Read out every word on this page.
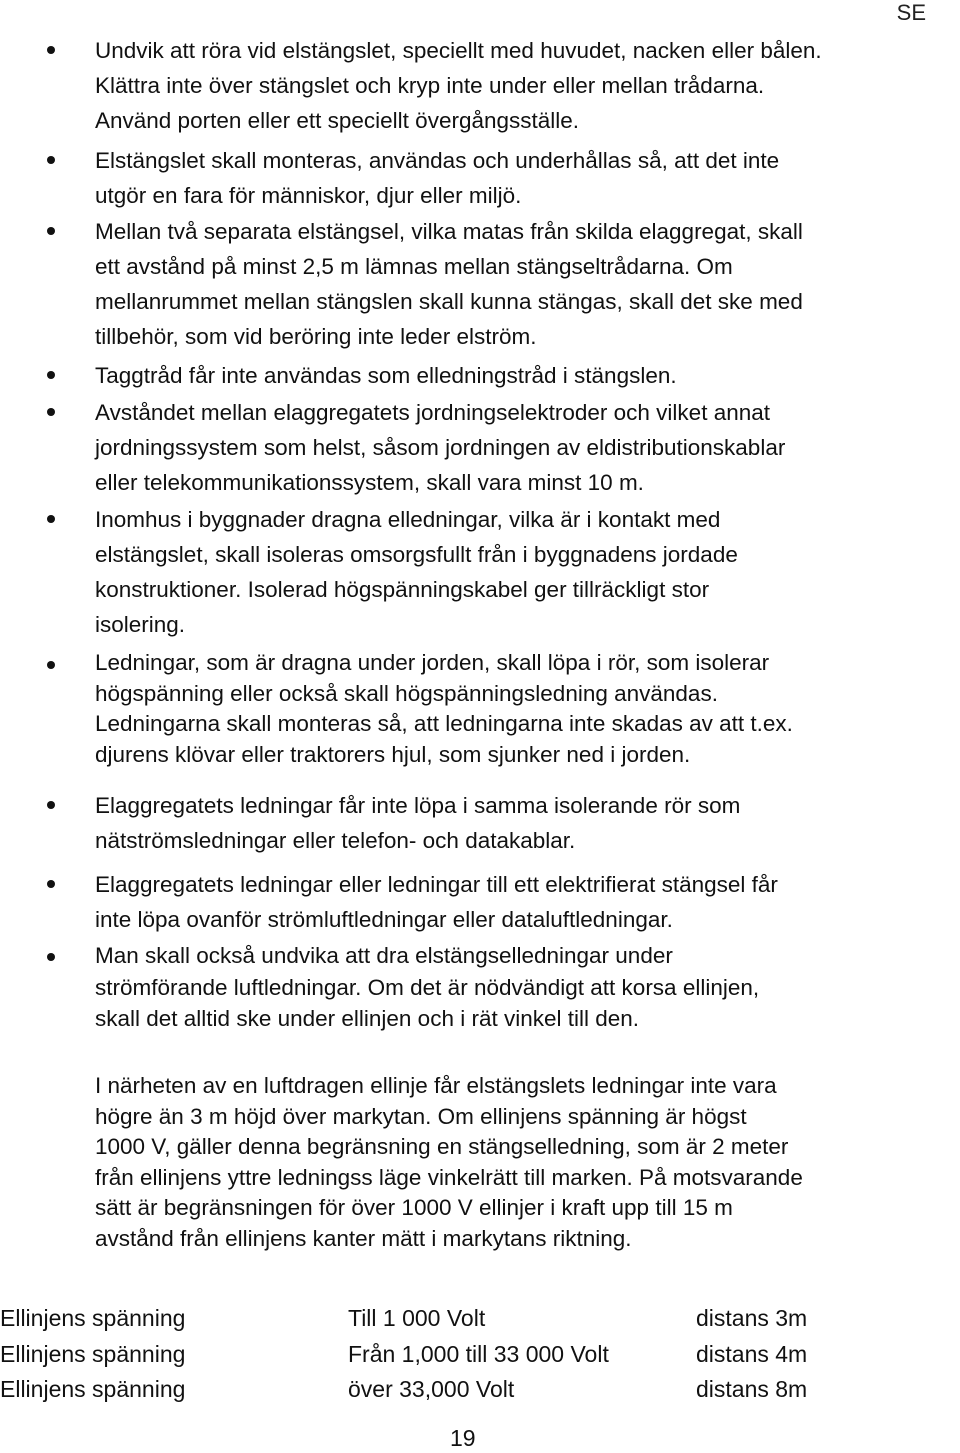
SE
Undvik att röra vid elstängslet, speciellt med huvudet, nacken eller bålen.
Klättra inte över stängslet och kryp inte under eller mellan trådarna.
Använd porten eller ett speciellt övergångsställe.
Elstängslet skall monteras, användas och underhållas så, att det inte
utgör en fara för människor, djur eller miljö.
Mellan två separata elstängsel, vilka matas från skilda elaggregat, skall
ett avstånd på minst 2,5 m lämnas mellan stängseltrådarna. Om
mellanrummet mellan stängslen skall kunna stängas, skall det ske med
tillbehör, som vid beröring inte leder elström.
Taggtråd får inte användas som elledningstråd i stängslen.
Avståndet mellan elaggregatets jordningselektroder och vilket annat
jordningssystem som helst, såsom jordningen av eldistributionskablar
eller telekommunikationssystem, skall vara minst 10 m.
Inomhus i byggnader dragna elledningar, vilka är i kontakt med
elstängslet, skall isoleras omsorgsfullt från i byggnadens jordade
konstruktioner. Isolerad högspänningskabel ger tillräckligt stor
isolering.
Ledningar, som är dragna under jorden, skall löpa i rör, som isolerar
högspänning eller också skall högspänningsledning användas.
Ledningarna skall monteras så, att ledningarna inte skadas av att t.ex.
djurens klövar eller traktorers hjul, som sjunker ned i jorden.
Elaggregatets ledningar får inte löpa i samma isolerande rör som
nätströmsledningar eller telefon- och datakablar.
Elaggregatets ledningar eller ledningar till ett elektrifierat stängsel får
inte löpa ovanför strömluftledningar eller dataluftledningar.
Man skall också undvika att dra elstängselledningar under
strömförande luftledningar. Om det är nödvändigt att korsa ellinjen,
skall det alltid ske under ellinjen och i rät vinkel till den.
I närheten av en luftdragen ellinje får elstängslets ledningar inte vara
högre än 3 m höjd över markytan. Om ellinjens spänning är högst
1000 V, gäller denna begränsning en stängselledning, som är 2 meter
från ellinjens yttre ledningss läge vinkelrätt till marken. På motsvarande
sätt är begränsningen för över 1000 V ellinjer i kraft upp till 15 m
avstånd från ellinjens kanter mätt i markytans riktning.
Ellinjens spänning	Till 1 000 Volt	distans 3m
Ellinjens spänning	Från 1,000 till 33 000 Volt	distans 4m
Ellinjens spänning	över 33,000 Volt	distans 8m
19
